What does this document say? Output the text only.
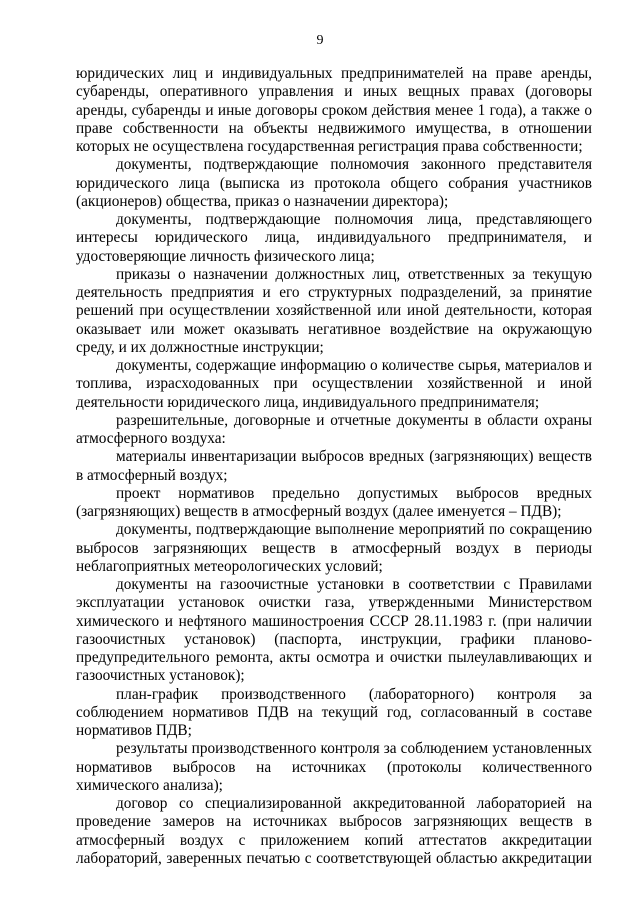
9

юридических лиц и индивидуальных предпринимателей на праве аренды, субаренды, оперативного управления и иных вещных правах (договоры аренды, субаренды и иные договоры сроком действия менее 1 года), а также о праве собственности на объекты недвижимого имущества, в отношении которых не осуществлена государственная регистрация права собственности;

документы, подтверждающие полномочия законного представителя юридического лица (выписка из протокола общего собрания участников (акционеров) общества, приказ о назначении директора);

документы, подтверждающие полномочия лица, представляющего интересы юридического лица, индивидуального предпринимателя, и удостоверяющие личность физического лица;

приказы о назначении должностных лиц, ответственных за текущую деятельность предприятия и его структурных подразделений, за принятие решений при осуществлении хозяйственной или иной деятельности, которая оказывает или может оказывать негативное воздействие на окружающую среду, и их должностные инструкции;

документы, содержащие информацию о количестве сырья, материалов и топлива, израсходованных при осуществлении хозяйственной и иной деятельности юридического лица, индивидуального предпринимателя;

разрешительные, договорные и отчетные документы в области охраны атмосферного воздуха:

материалы инвентаризации выбросов вредных (загрязняющих) веществ в атмосферный воздух;

проект нормативов предельно допустимых выбросов вредных (загрязняющих) веществ в атмосферный воздух (далее именуется – ПДВ);

документы, подтверждающие выполнение мероприятий по сокращению выбросов загрязняющих веществ в атмосферный воздух в периоды неблагоприятных метеорологических условий;

документы на газоочистные установки в соответствии с Правилами эксплуатации установок очистки газа, утвержденными Министерством химического и нефтяного машиностроения СССР 28.11.1983 г. (при наличии газоочистных установок) (паспорта, инструкции, графики планово-предупредительного ремонта, акты осмотра и очистки пылеулавливающих и газоочистных установок);

план-график производственного (лабораторного) контроля за соблюдением нормативов ПДВ на текущий год, согласованный в составе нормативов ПДВ;

результаты производственного контроля за соблюдением установленных нормативов выбросов на источниках (протоколы количественного химического анализа);

договор со специализированной аккредитованной лабораторией на проведение замеров на источниках выбросов загрязняющих веществ в атмосферный воздух с приложением копий аттестатов аккредитации лабораторий, заверенных печатью с соответствующей областью аккредитации
